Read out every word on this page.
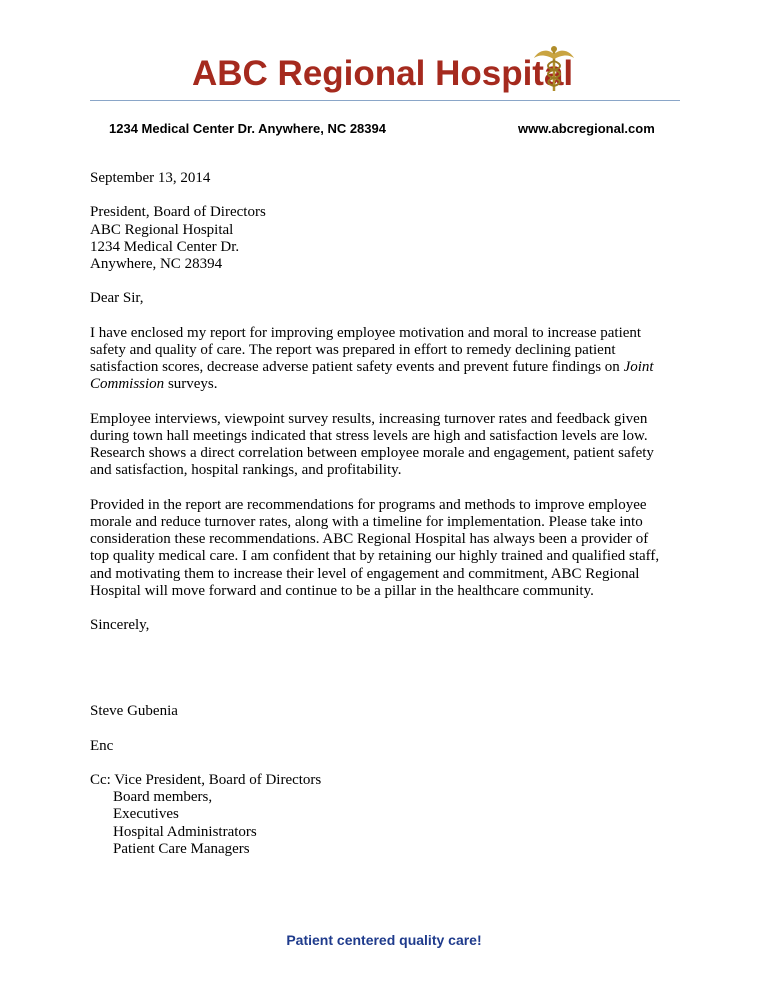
ABC Regional Hospital
1234 Medical Center Dr. Anywhere, NC 28394	www.abcregional.com

September 13, 2014

President, Board of Directors
ABC Regional Hospital
1234 Medical Center Dr.
Anywhere, NC 28394

Dear Sir,

I have enclosed my report for improving employee motivation and moral to increase patient
safety and quality of care. The report was prepared in effort to remedy declining patient
satisfaction scores, decrease adverse patient safety events and prevent future findings on Joint
Commission surveys.

Employee interviews, viewpoint survey results, increasing turnover rates and feedback given
during town hall meetings indicated that stress levels are high and satisfaction levels are low.
Research shows a direct correlation between employee morale and engagement, patient safety
and satisfaction, hospital rankings, and profitability.

Provided in the report are recommendations for programs and methods to improve employee
morale and reduce turnover rates, along with a timeline for implementation. Please take into
consideration these recommendations. ABC Regional Hospital has always been a provider of
top quality medical care. I am confident that by retaining our highly trained and qualified staff,
and motivating them to increase their level of engagement and commitment, ABC Regional
Hospital will move forward and continue to be a pillar in the healthcare community.

Sincerely,

Steve Gubenia

Enc

Cc: Vice President, Board of Directors
Board members,
Executives
Hospital Administrators
Patient Care Managers

Patient centered quality care!
